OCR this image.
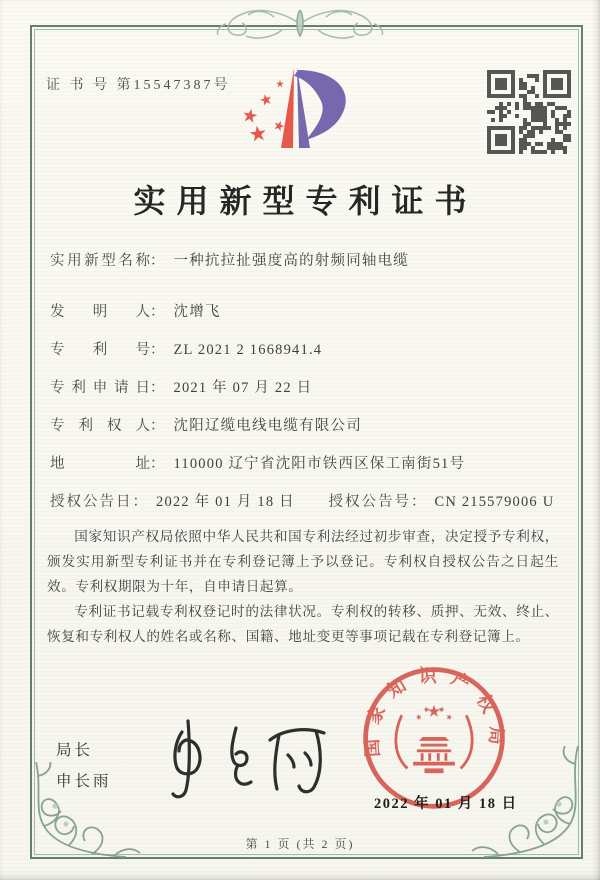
证 书 号 第15547387号
实用新型专利证书
实用新型名称： 一种抗拉扯强度高的射频同轴电缆
发明人： 沈增飞
专利号： ZL 2021 2 1668941.4
专利申请日： 2021 年 07 月 22 日
专利权人： 沈阳辽缆电线电缆有限公司
地址： 110000 辽宁省沈阳市铁西区保工南街51号
授权公告日： 2022 年 01 月 18 日 授权公告号： CN 215579006 U

国家知识产权局依照中华人民共和国专利法经过初步审查，决定授予专利权，颁发实用新型专利证书并在专利登记簿上予以登记。专利权自授权公告之日起生效。专利权期限为十年，自申请日起算。

专利证书记载专利权登记时的法律状况。专利权的转移、质押、无效、终止、恢复和专利权人的姓名或名称、国籍、地址变更等事项记载在专利登记簿上。

局长
申长雨
国家知识产权局
2022 年 01 月 18 日
第 1 页 (共 2 页)
